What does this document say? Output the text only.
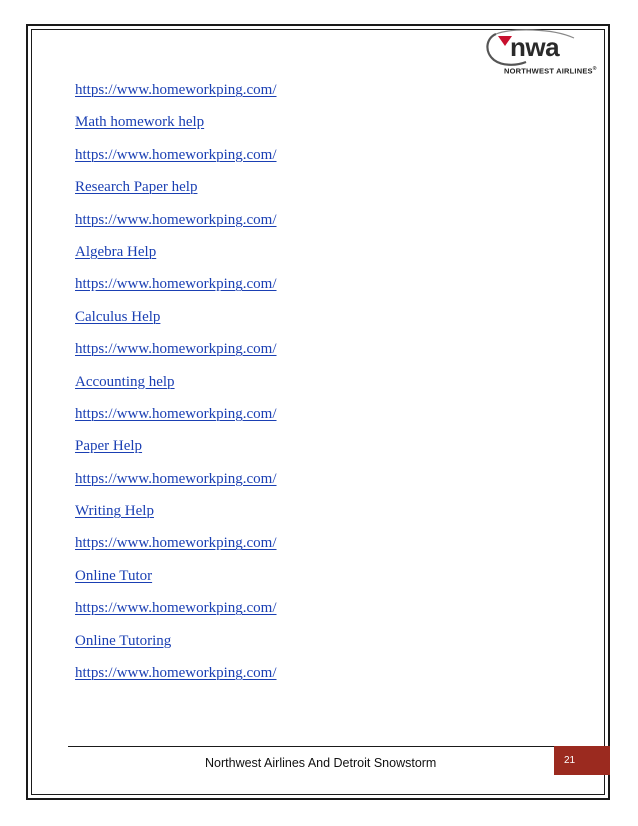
nwa
NORTHWEST AIRLINES®
https://www.homeworkping.com/
Math homework help
https://www.homeworkping.com/
Research Paper help
https://www.homeworkping.com/
Algebra Help
https://www.homeworkping.com/
Calculus Help
https://www.homeworkping.com/
Accounting help
https://www.homeworkping.com/
Paper Help
https://www.homeworkping.com/
Writing Help
https://www.homeworkping.com/
Online Tutor
https://www.homeworkping.com/
Online Tutoring
https://www.homeworkping.com/
Northwest Airlines And Detroit Snowstorm	21
